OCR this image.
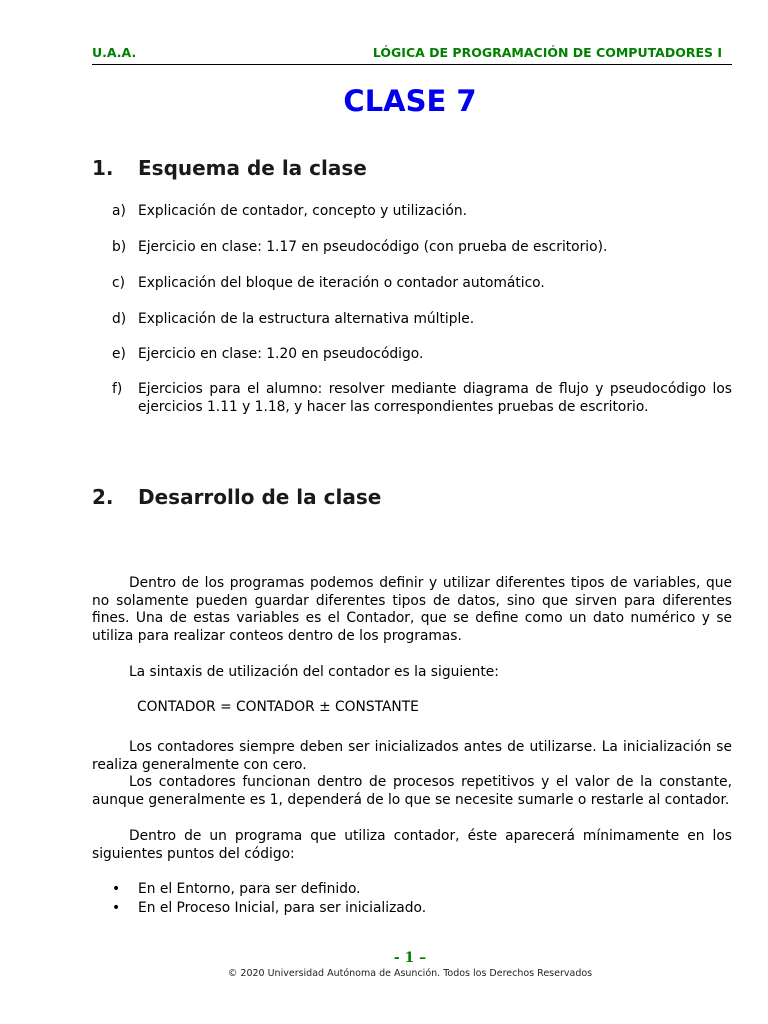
U.A.A.	LÓGICA DE PROGRAMACIÓN DE COMPUTADORES I
CLASE 7
1. Esquema de la clase
a) Explicación de contador, concepto y utilización.
b) Ejercicio en clase: 1.17 en pseudocódigo (con prueba de escritorio).
c) Explicación del bloque de iteración o contador automático.
d) Explicación de la estructura alternativa múltiple.
e) Ejercicio en clase: 1.20 en pseudocódigo.
f) Ejercicios para el alumno: resolver mediante diagrama de flujo y pseudocódigo los ejercicios 1.11 y 1.18, y hacer las correspondientes pruebas de escritorio.
2. Desarrollo de la clase
Dentro de los programas podemos definir y utilizar diferentes tipos de variables, que no solamente pueden guardar diferentes tipos de datos, sino que sirven para diferentes fines. Una de estas variables es el Contador, que se define como un dato numérico y se utiliza para realizar conteos dentro de los programas.
La sintaxis de utilización del contador es la siguiente:
CONTADOR = CONTADOR ± CONSTANTE
Los contadores siempre deben ser inicializados antes de utilizarse. La inicialización se realiza generalmente con cero.
Los contadores funcionan dentro de procesos repetitivos y el valor de la constante, aunque generalmente es 1, dependerá de lo que se necesite sumarle o restarle al contador.
Dentro de un programa que utiliza contador, éste aparecerá mínimamente en los siguientes puntos del código:
• En el Entorno, para ser definido.
• En el Proceso Inicial, para ser inicializado.
- 1 –
© 2020 Universidad Autónoma de Asunción. Todos los Derechos Reservados
